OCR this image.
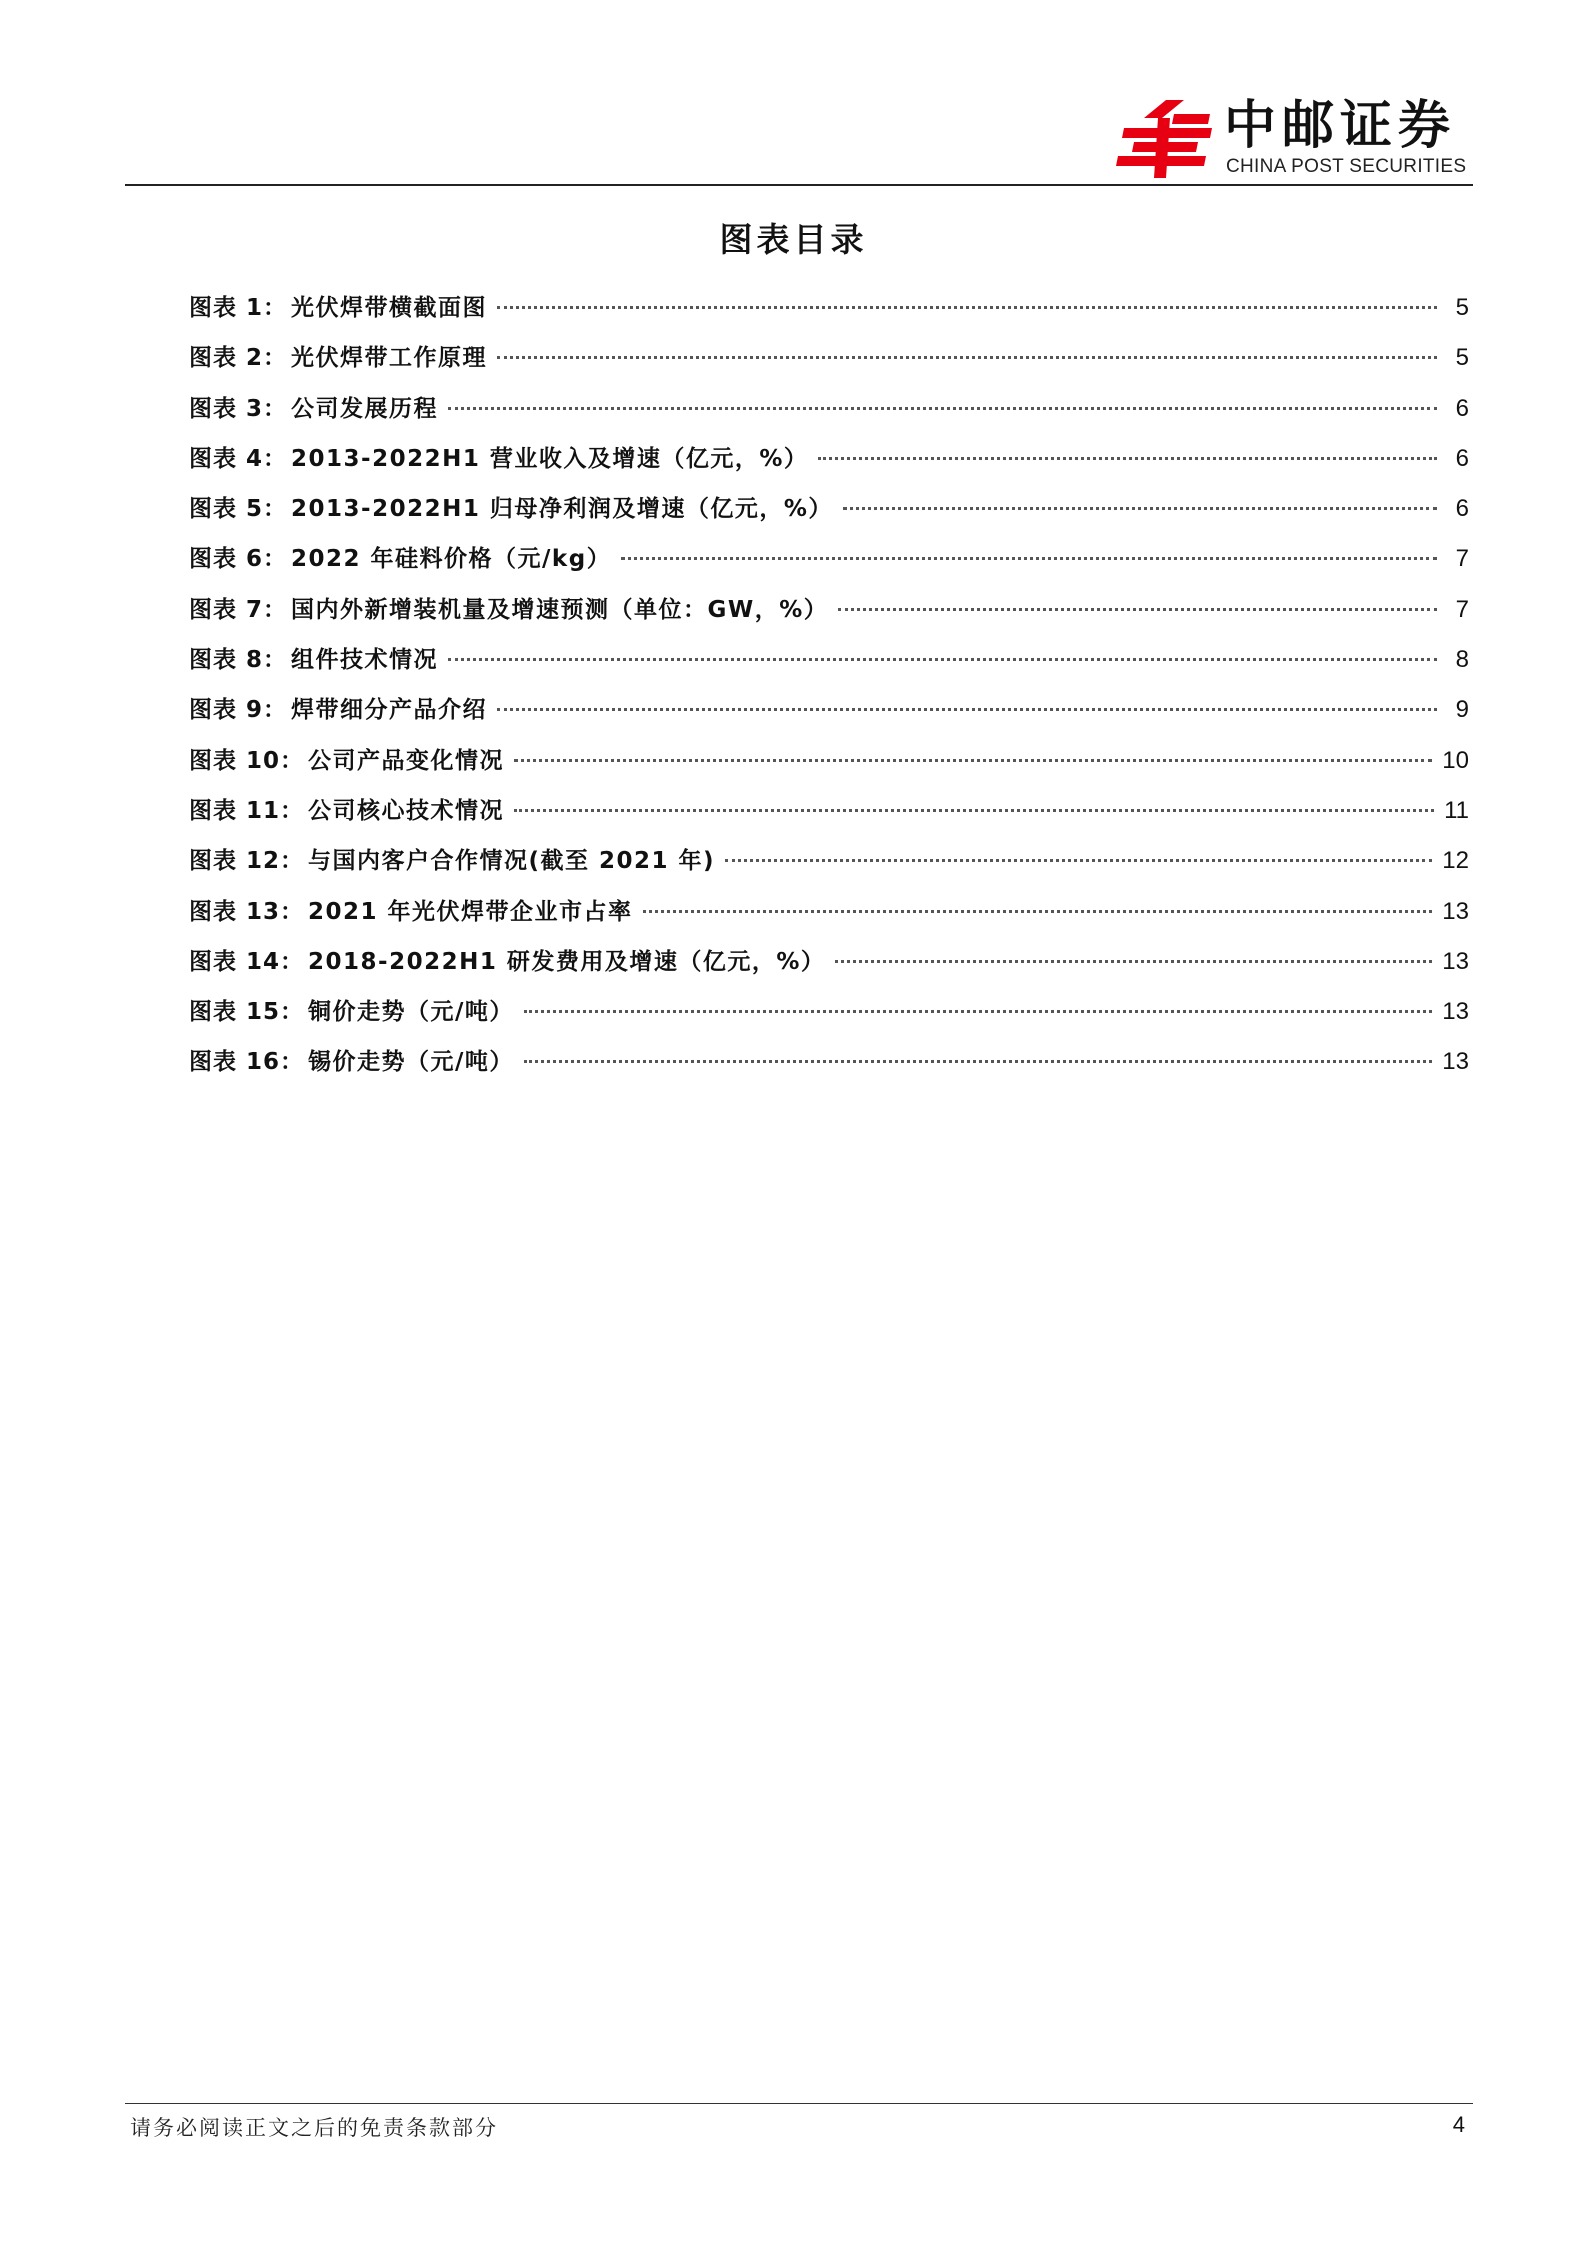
中邮证券
CHINA POST SECURITIES
图表目录
图表 1： 光伏焊带横截面图	5
图表 2： 光伏焊带工作原理	5
图表 3： 公司发展历程	6
图表 4： 2013-2022H1 营业收入及增速（亿元，%）	6
图表 5： 2013-2022H1 归母净利润及增速（亿元，%）	6
图表 6： 2022 年硅料价格（元/kg）	7
图表 7： 国内外新增装机量及增速预测（单位：GW，%）	7
图表 8： 组件技术情况	8
图表 9： 焊带细分产品介绍	9
图表 10： 公司产品变化情况	10
图表 11： 公司核心技术情况	11
图表 12： 与国内客户合作情况(截至 2021 年)	12
图表 13： 2021 年光伏焊带企业市占率	13
图表 14： 2018-2022H1 研发费用及增速（亿元，%）	13
图表 15： 铜价走势（元/吨）	13
图表 16： 锡价走势（元/吨）	13
请务必阅读正文之后的免责条款部分	4
